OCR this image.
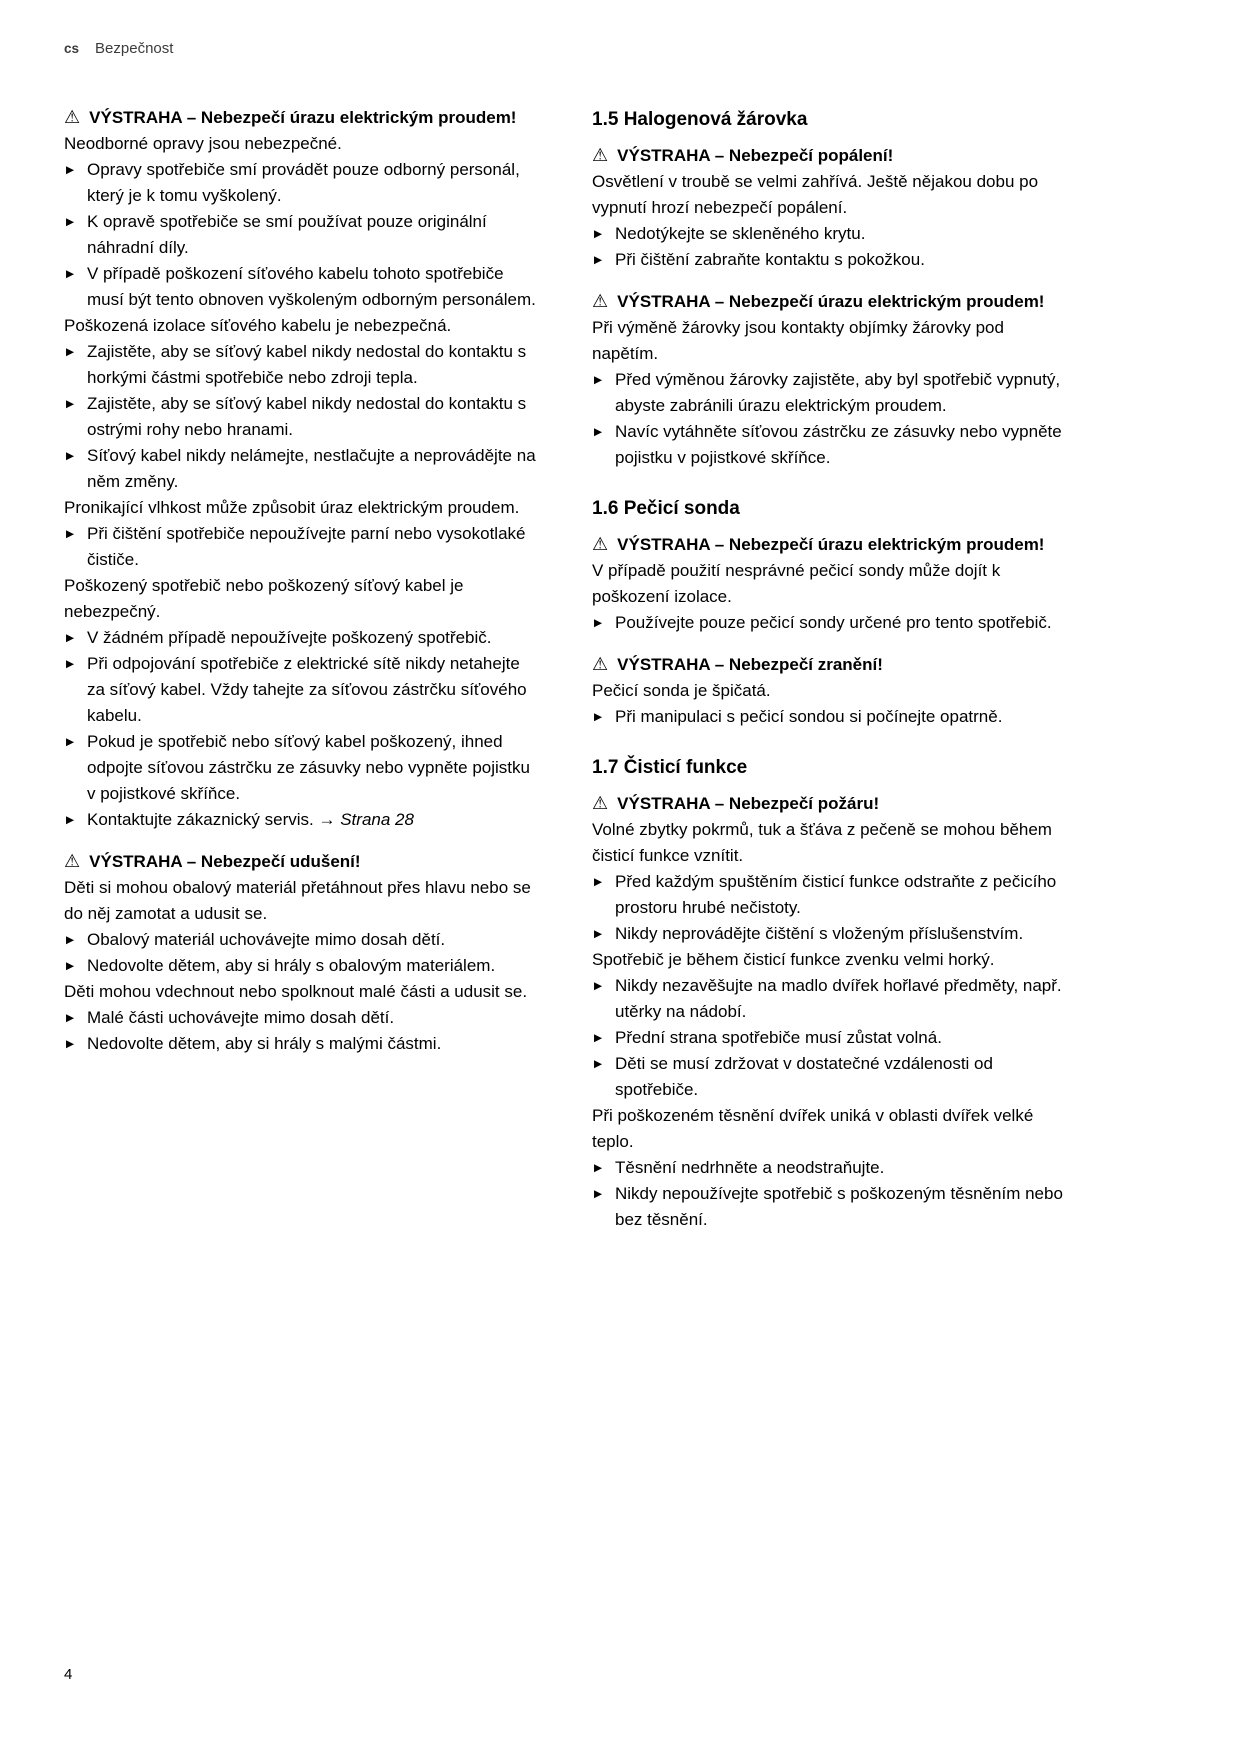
cs Bezpečnost
⚠ VÝSTRAHA – Nebezpečí úrazu elektrickým proudem!

Neodborné opravy jsou nebezpečné.

▶ Opravy spotřebiče smí provádět pouze odborný personál, který je k tomu vyškolený.
▶ K opravě spotřebiče se smí používat pouze originální náhradní díly.
▶ V případě poškození síťového kabelu tohoto spotřebiče musí být tento obnoven vyškoleným odborným personálem.

Poškozená izolace síťového kabelu je nebezpečná.

▶ Zajistěte, aby se síťový kabel nikdy nedostal do kontaktu s horkými částmi spotřebiče nebo zdroji tepla.
▶ Zajistěte, aby se síťový kabel nikdy nedostal do kontaktu s ostrými rohy nebo hranami.
▶ Síťový kabel nikdy nelámejte, nestlačujte a neprovádějte na něm změny.

Pronikající vlhkost může způsobit úraz elektrickým proudem.

▶ Při čištění spotřebiče nepoužívejte parní nebo vysokotlaké čističe.

Poškozený spotřebič nebo poškozený síťový kabel je nebezpečný.

▶ V žádném případě nepoužívejte poškozený spotřebič.
▶ Při odpojování spotřebiče z elektrické sítě nikdy netahejte za síťový kabel. Vždy tahejte za síťovou zástrčku síťového kabelu.
▶ Pokud je spotřebič nebo síťový kabel poškozený, ihned odpojte síťovou zástrčku ze zásuvky nebo vypněte pojistku v pojistkové skříňce.
▶ Kontaktujte zákaznický servis. → Strana 28
⚠ VÝSTRAHA – Nebezpečí udušení!

Děti si mohou obalový materiál přetáhnout přes hlavu nebo se do něj zamotat a udusit se.

▶ Obalový materiál uchovávejte mimo dosah dětí.
▶ Nedovolte dětem, aby si hrály s obalovým materiálem.

Děti mohou vdechnout nebo spolknout malé části a udusit se.

▶ Malé části uchovávejte mimo dosah dětí.
▶ Nedovolte dětem, aby si hrály s malými částmi.
1.5 Halogenová žárovka
⚠ VÝSTRAHA – Nebezpečí popálení!

Osvětlení v troubě se velmi zahřívá. Ještě nějakou dobu po vypnutí hrozí nebezpečí popálení.

▶ Nedotýkejte se skleněného krytu.
▶ Při čištění zabraňte kontaktu s pokožkou.
⚠ VÝSTRAHA – Nebezpečí úrazu elektrickým proudem!

Při výměně žárovky jsou kontakty objímky žárovky pod napětím.

▶ Před výměnou žárovky zajistěte, aby byl spotřebič vypnutý, abyste zabránili úrazu elektrickým proudem.
▶ Navíc vytáhněte síťovou zástrčku ze zásuvky nebo vypněte pojistku v pojistkové skříňce.
1.6 Pečicí sonda
⚠ VÝSTRAHA – Nebezpečí úrazu elektrickým proudem!

V případě použití nesprávné pečicí sondy může dojít k poškození izolace.

▶ Používejte pouze pečicí sondy určené pro tento spotřebič.
⚠ VÝSTRAHA – Nebezpečí zranění!

Pečicí sonda je špičatá.

▶ Při manipulaci s pečicí sondou si počínejte opatrně.
1.7 Čisticí funkce
⚠ VÝSTRAHA – Nebezpečí požáru!

Volné zbytky pokrmů, tuk a šťáva z pečeně se mohou během čisticí funkce vznítit.

▶ Před každým spuštěním čisticí funkce odstraňte z pečicího prostoru hrubé nečistoty.
▶ Nikdy neprovádějte čištění s vloženým příslušenstvím.

Spotřebič je během čisticí funkce zvenku velmi horký.

▶ Nikdy nezavěšujte na madlo dvířek hořlavé předměty, např. utěrky na nádobí.
▶ Přední strana spotřebiče musí zůstat volná.
▶ Děti se musí zdržovat v dostatečné vzdálenosti od spotřebiče.

Při poškozeném těsnění dvířek uniká v oblasti dvířek velké teplo.

▶ Těsnění nedrhněte a neodstraňujte.
▶ Nikdy nepoužívejte spotřebič s poškozeným těsněním nebo bez těsnění.
4
